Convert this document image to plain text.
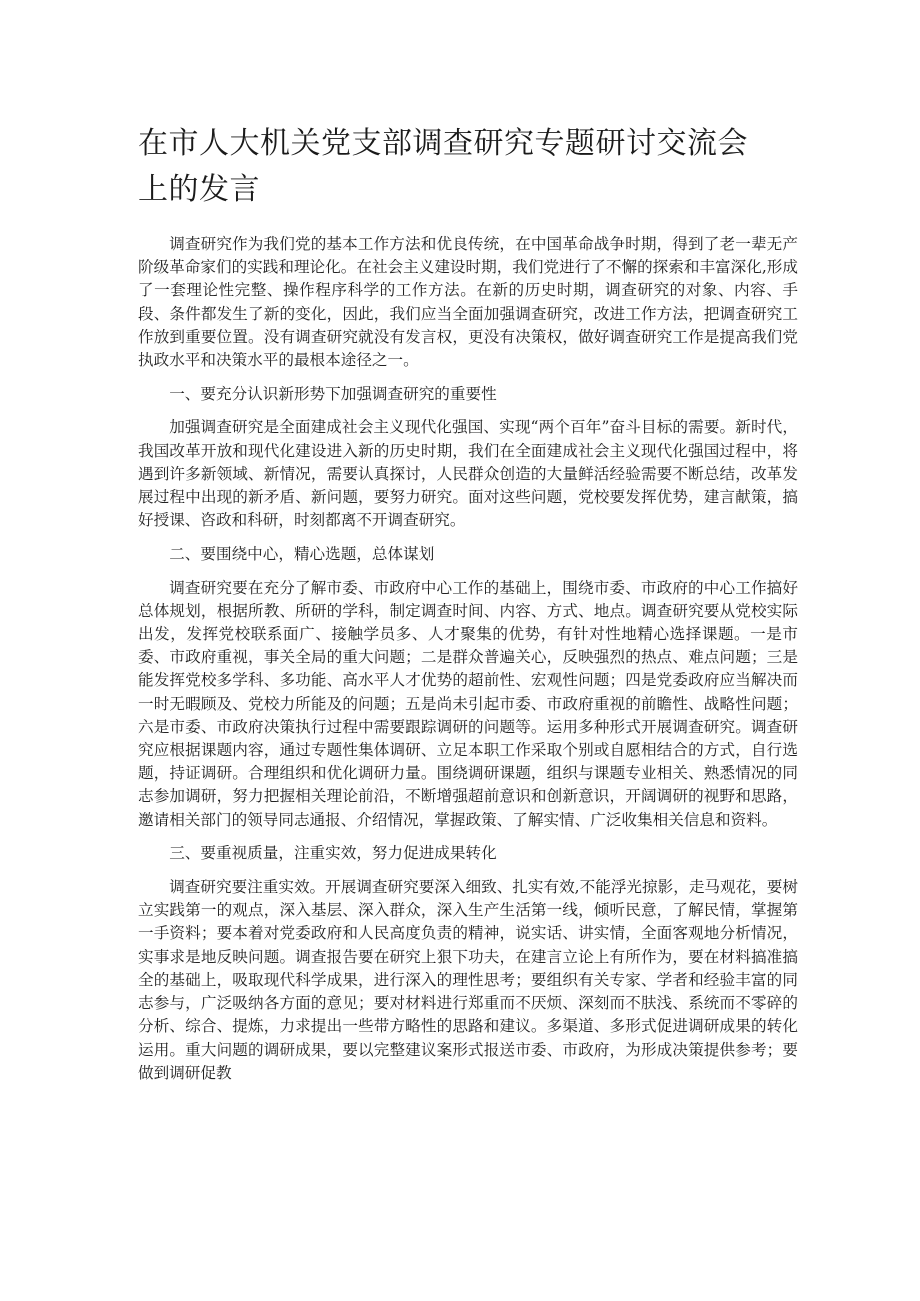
在市人大机关党支部调查研究专题研讨交流会上的发言

调查研究作为我们党的基本工作方法和优良传统，在中国革命战争时期，得到了老一辈无产阶级革命家们的实践和理论化。在社会主义建设时期，我们党进行了不懈的探索和丰富深化,形成了一套理论性完整、操作程序科学的工作方法。在新的历史时期，调查研究的对象、内容、手段、条件都发生了新的变化，因此，我们应当全面加强调查研究，改进工作方法，把调查研究工作放到重要位置。没有调查研究就没有发言权，更没有决策权，做好调查研究工作是提高我们党执政水平和决策水平的最根本途径之一。

一、要充分认识新形势下加强调查研究的重要性

加强调查研究是全面建成社会主义现代化强国、实现“两个百年”奋斗目标的需要。新时代，我国改革开放和现代化建设进入新的历史时期，我们在全面建成社会主义现代化强国过程中，将遇到许多新领域、新情况，需要认真探讨，人民群众创造的大量鲜活经验需要不断总结，改革发展过程中出现的新矛盾、新问题，要努力研究。面对这些问题，党校要发挥优势，建言献策，搞好授课、咨政和科研，时刻都离不开调查研究。

二、要围绕中心，精心选题，总体谋划

调查研究要在充分了解市委、市政府中心工作的基础上，围绕市委、市政府的中心工作搞好总体规划，根据所教、所研的学科，制定调查时间、内容、方式、地点。调查研究要从党校实际出发，发挥党校联系面广、接触学员多、人才聚集的优势，有针对性地精心选择课题。一是市委、市政府重视，事关全局的重大问题；二是群众普遍关心，反映强烈的热点、难点问题；三是能发挥党校多学科、多功能、高水平人才优势的超前性、宏观性问题；四是党委政府应当解决而一时无暇顾及、党校力所能及的问题；五是尚未引起市委、市政府重视的前瞻性、战略性问题；六是市委、市政府决策执行过程中需要跟踪调研的问题等。运用多种形式开展调查研究。调查研究应根据课题内容，通过专题性集体调研、立足本职工作采取个别或自愿相结合的方式，自行选题，持证调研。合理组织和优化调研力量。围绕调研课题，组织与课题专业相关、熟悉情况的同志参加调研，努力把握相关理论前沿，不断增强超前意识和创新意识，开阔调研的视野和思路，邀请相关部门的领导同志通报、介绍情况，掌握政策、了解实情、广泛收集相关信息和资料。

三、要重视质量，注重实效，努力促进成果转化

调查研究要注重实效。开展调查研究要深入细致、扎实有效,不能浮光掠影，走马观花，要树立实践第一的观点，深入基层、深入群众，深入生产生活第一线，倾听民意，了解民情，掌握第一手资料；要本着对党委政府和人民高度负责的精神，说实话、讲实情，全面客观地分析情况，实事求是地反映问题。调查报告要在研究上狠下功夫，在建言立论上有所作为，要在材料搞准搞全的基础上，吸取现代科学成果，进行深入的理性思考；要组织有关专家、学者和经验丰富的同志参与，广泛吸纳各方面的意见；要对材料进行郑重而不厌烦、深刻而不肤浅、系统而不零碎的分析、综合、提炼，力求提出一些带方略性的思路和建议。多渠道、多形式促进调研成果的转化运用。重大问题的调研成果，要以完整建议案形式报送市委、市政府，为形成决策提供参考；要做到调研促教
